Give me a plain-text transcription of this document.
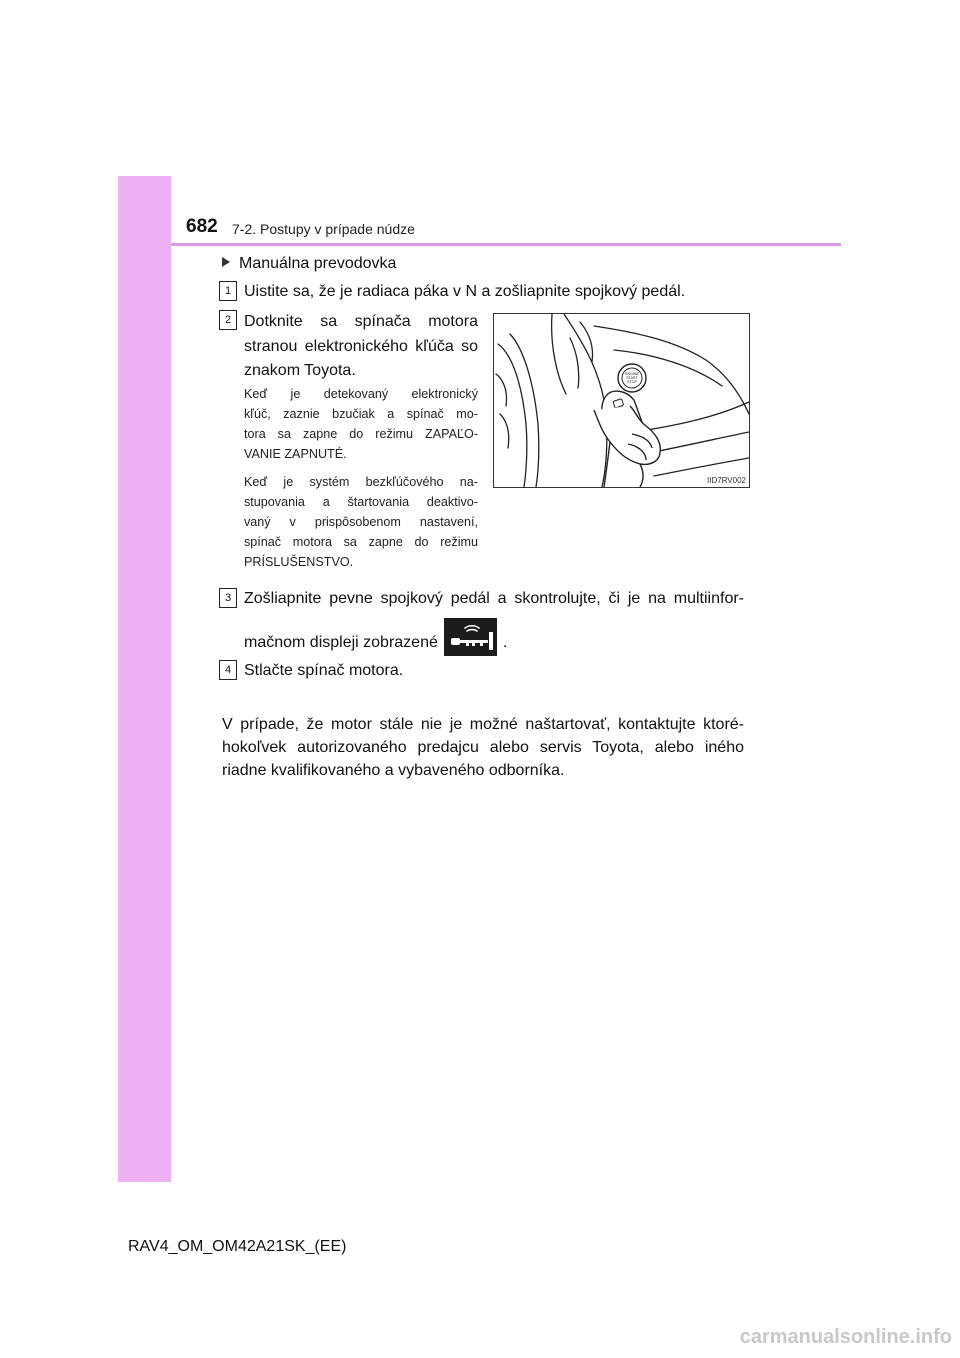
682 7-2. Postupy v prípade núdze
Manuálna prevodovka
1 Uistite sa, že je radiaca páka v N a zošliapnite spojkový pedál.
2 Dotknite sa spínača motora
stranou elektronického kľúča so
znakom Toyota.
Keď je detekovaný elektronický
kľúč, zaznie bzučiak a spínač mo-
tora sa zapne do režimu ZAPAĽO-
VANIE ZAPNUTÉ.
Keď je systém bezkľúčového na-
stupovania a štartovania deaktivo-
vaný v prispôsobenom nastavení,
spínač motora sa zapne do režimu
PRÍSLUŠENSTVO.
ENGINE
START
STOP
IID7RV002
3 Zošliapnite pevne spojkový pedál a skontrolujte, či je na multiinfor-
mačnom displeji zobrazené	.
4 Stlačte spínač motora.
V prípade, že motor stále nie je možné naštartovať, kontaktujte ktoré-
hokoľvek autorizovaného predajcu alebo servis Toyota, alebo iného
riadne kvalifikovaného a vybaveného odborníka.
RAV4_OM_OM42A21SK_(EE)
carmanualsonline.info
